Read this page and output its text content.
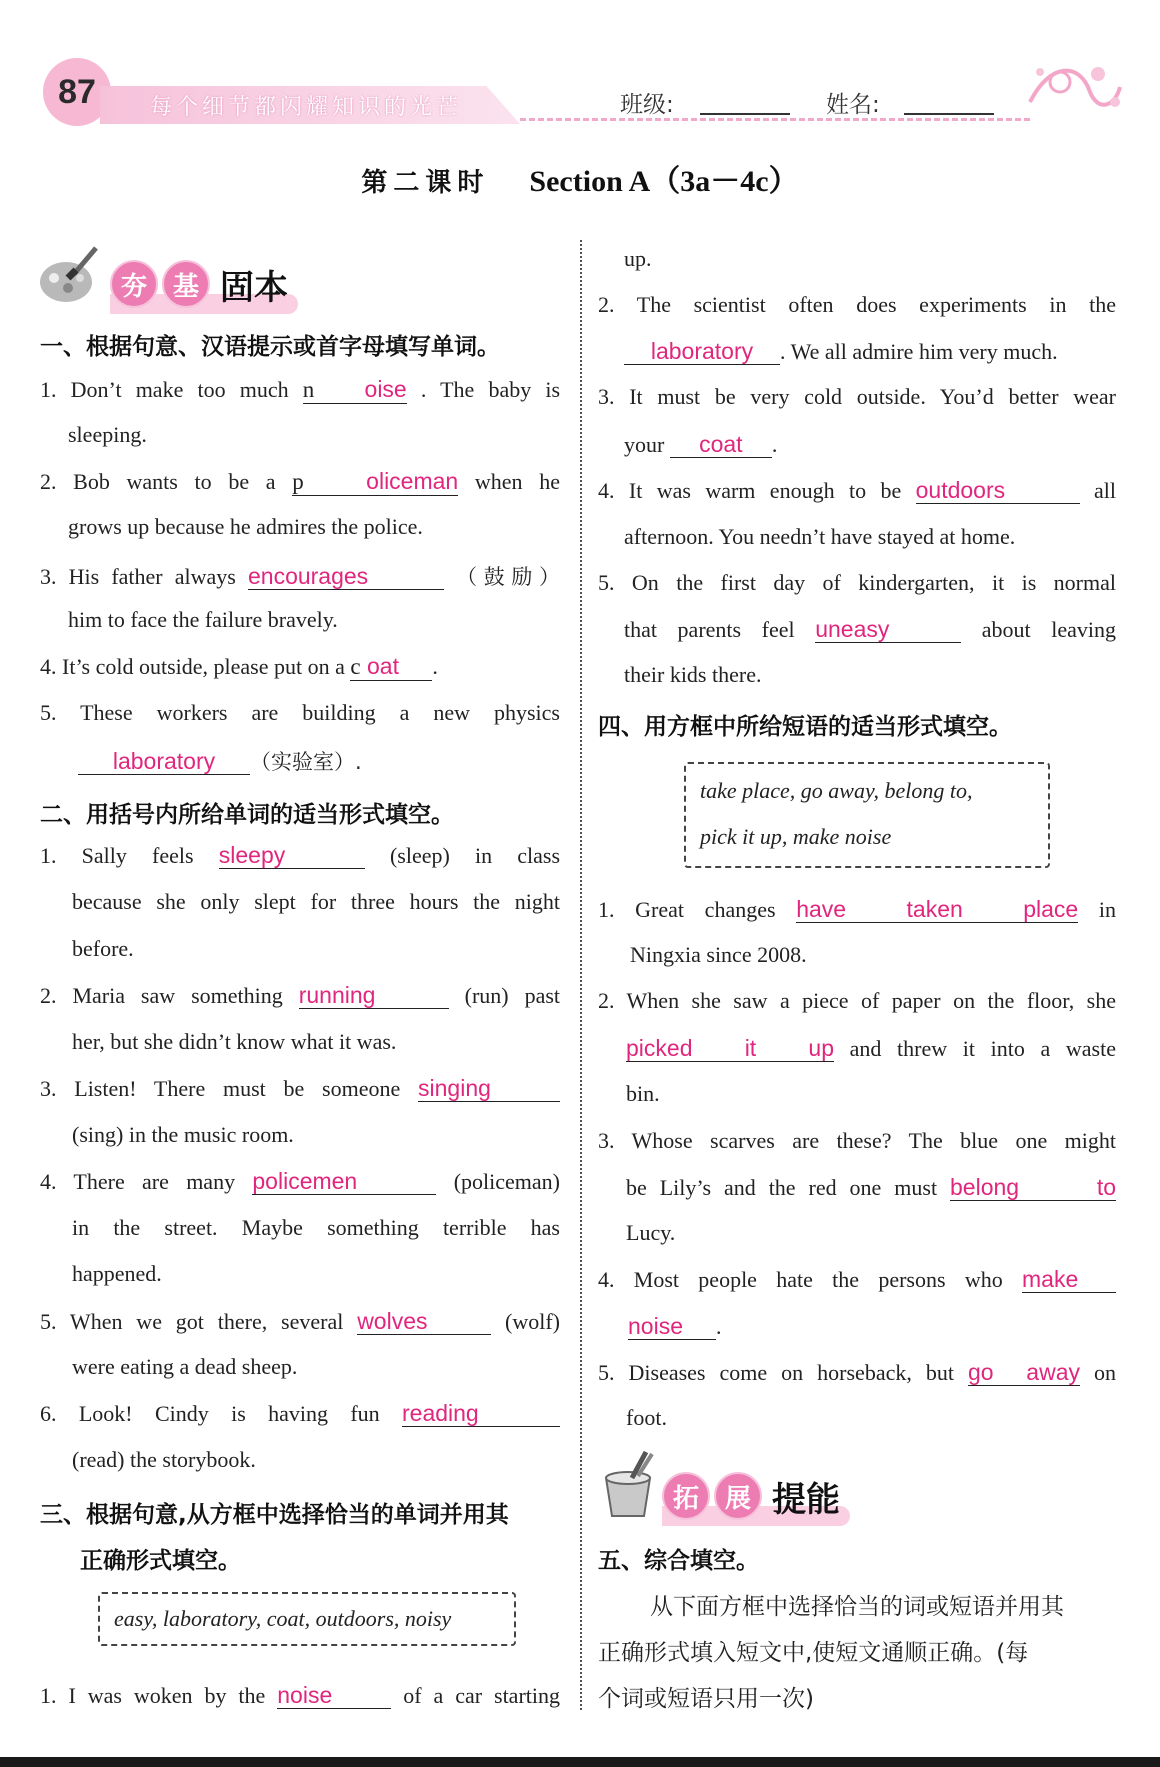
87	每个细节都闪耀知识的光芒	班级:	姓名:
第二课时 Section A（3a－4c）
夯 基 固本
一、根据句意、汉语提示或首字母填写单词。
1. Don’t make too much n oise . The baby is
sleeping.
2. Bob wants to be a p	oliceman when he
grows up because he admires the police.
3. His father always encourages	（鼓励）
him to face the failure bravely.
4. It’s cold outside, please put on a c oat .
5. These workers are building a new physics
laboratory （实验室）.
二、用括号内所给单词的适当形式填空。
1. Sally feels sleepy	(sleep) in class
because she only slept for three hours the night
before.
2. Maria saw something running	(run) past
her, but she didn’t know what it was.
3. Listen! There must be someone singing
(sing) in the music room.
4. There are many policemen	(policeman)
in the street. Maybe something terrible has
happened.
5. When we got there, several wolves	(wolf)
were eating a dead sheep.
6. Look! Cindy is having fun reading
(read) the storybook.
三、根据句意,从方框中选择恰当的单词并用其
正确形式填空。
easy, laboratory, coat, outdoors, noisy
1. I was woken by the noise	of a car starting
up.
2. The scientist often does experiments in the
laboratory . We all admire him very much.
3. It must be very cold outside. You’d better wear
your coat .
4. It was warm enough to be outdoors	all
afternoon. You needn’t have stayed at home.
5. On the first day of kindergarten, it is normal
that parents feel uneasy	about leaving
their kids there.
四、用方框中所给短语的适当形式填空。
take place, go away, belong to,
pick it up, make noise
1. Great changes have taken place in
Ningxia since 2008.
2. When she saw a piece of paper on the floor, she
picked it up and threw it into a waste
bin.
3. Whose scarves are these? The blue one might
be Lily’s and the red one must belong to
Lucy.
4. Most people hate the persons who make
noise .
5. Diseases come on horseback, but go away on
foot.
拓 展 提能
五、综合填空。
从下面方框中选择恰当的词或短语并用其
正确形式填入短文中,使短文通顺正确。(每
个词或短语只用一次)
